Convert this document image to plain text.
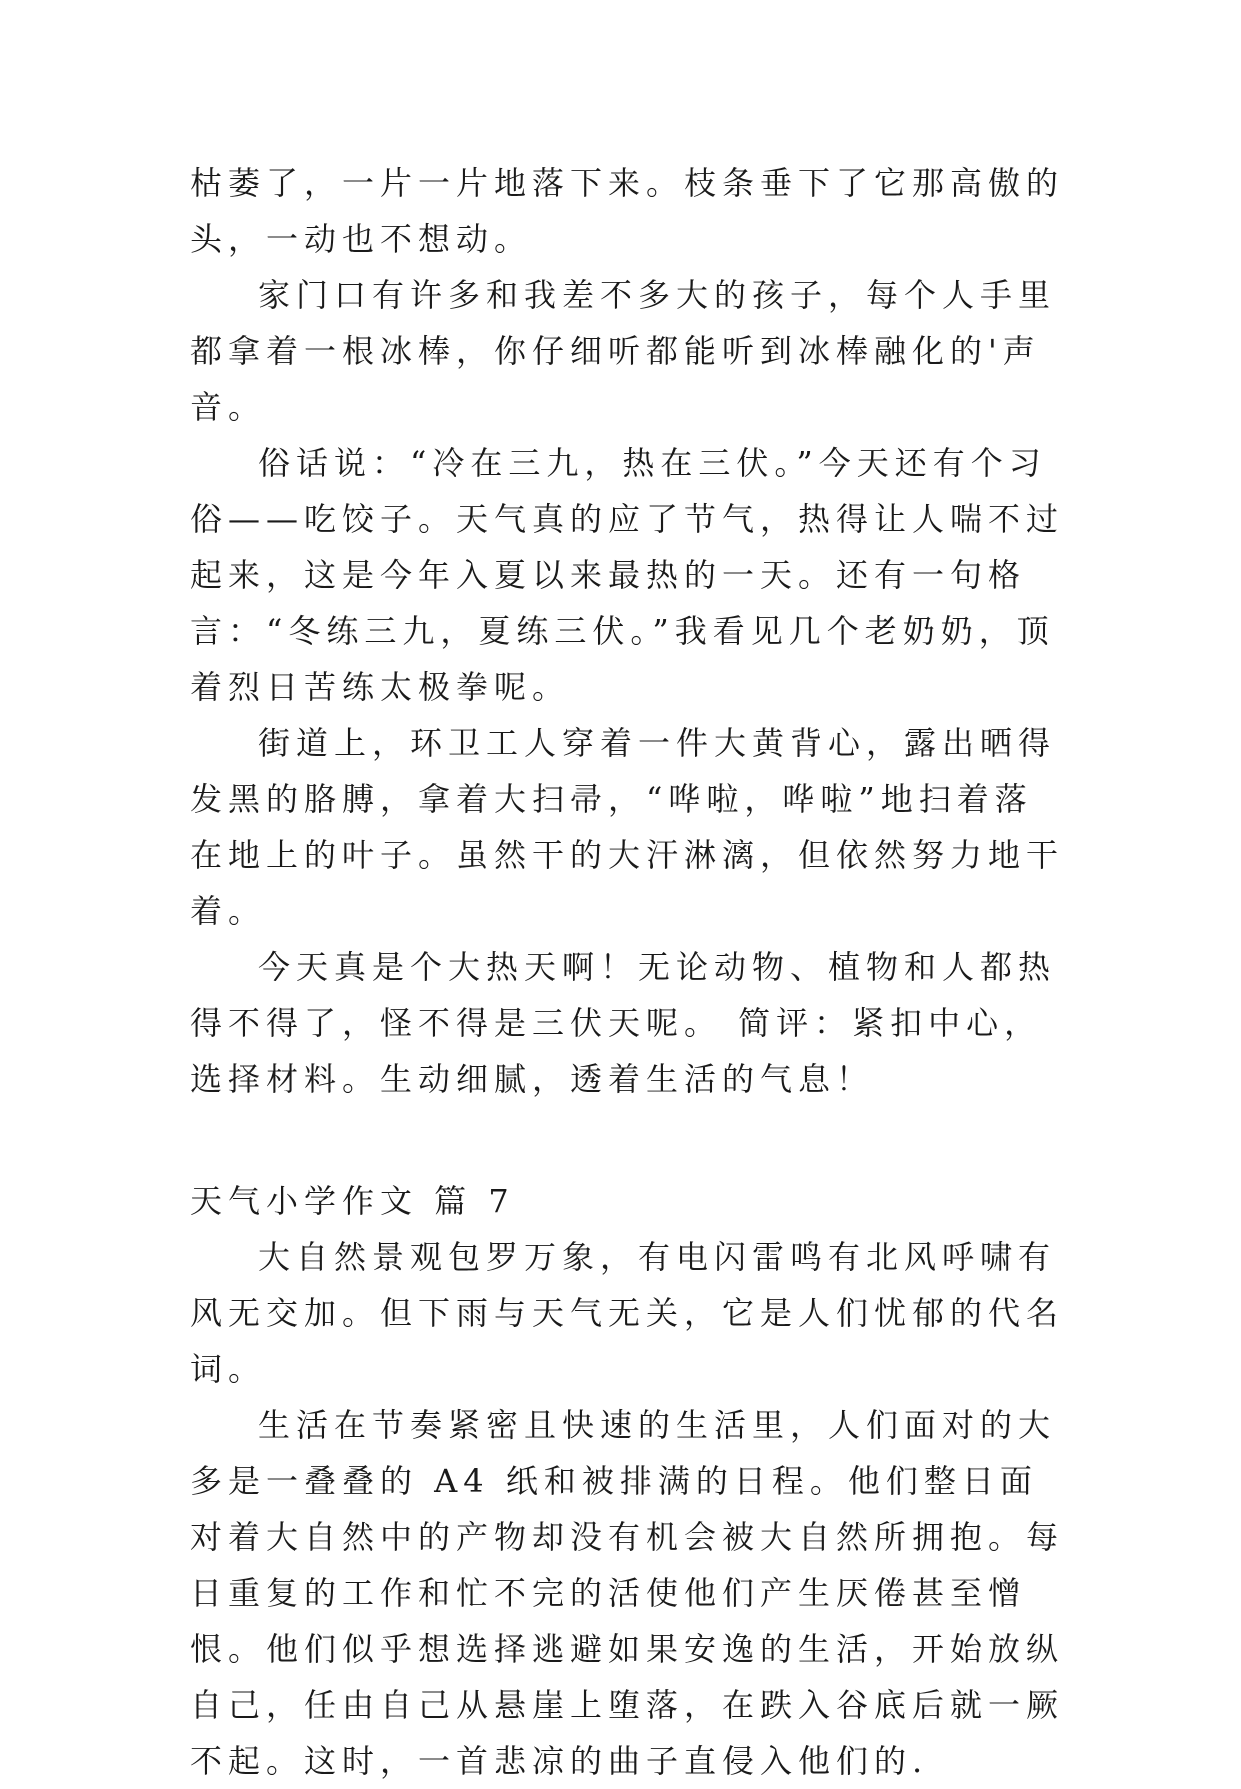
枯萎了，一片一片地落下来。枝条垂下了它那高傲的头，一动也不想动。

家门口有许多和我差不多大的孩子，每个人手里都拿着一根冰棒，你仔细听都能听到冰棒融化的'声音。

俗话说：“冷在三九，热在三伏。”今天还有个习俗——吃饺子。天气真的应了节气，热得让人喘不过起来，这是今年入夏以来最热的一天。还有一句格言：“冬练三九，夏练三伏。”我看见几个老奶奶，顶着烈日苦练太极拳呢。

街道上，环卫工人穿着一件大黄背心，露出晒得发黑的胳膊，拿着大扫帚，“哗啦，哗啦”地扫着落在地上的叶子。虽然干的大汗淋漓，但依然努力地干着。

今天真是个大热天啊！无论动物、植物和人都热得不得了，怪不得是三伏天呢。 简评：紧扣中心，选择材料。生动细腻，透着生活的气息！

天气小学作文 篇 7

大自然景观包罗万象，有电闪雷鸣有北风呼啸有风无交加。但下雨与天气无关，它是人们忧郁的代名词。

生活在节奏紧密且快速的生活里，人们面对的大多是一叠叠的 A4 纸和被排满的日程。他们整日面对着大自然中的产物却没有机会被大自然所拥抱。每日重复的工作和忙不完的活使他们产生厌倦甚至憎恨。他们似乎想选择逃避如果安逸的生活，开始放纵自己，任由自己从悬崖上堕落，在跌入谷底后就一厥不起。这时，一首悲凉的曲子直侵入他们的.
